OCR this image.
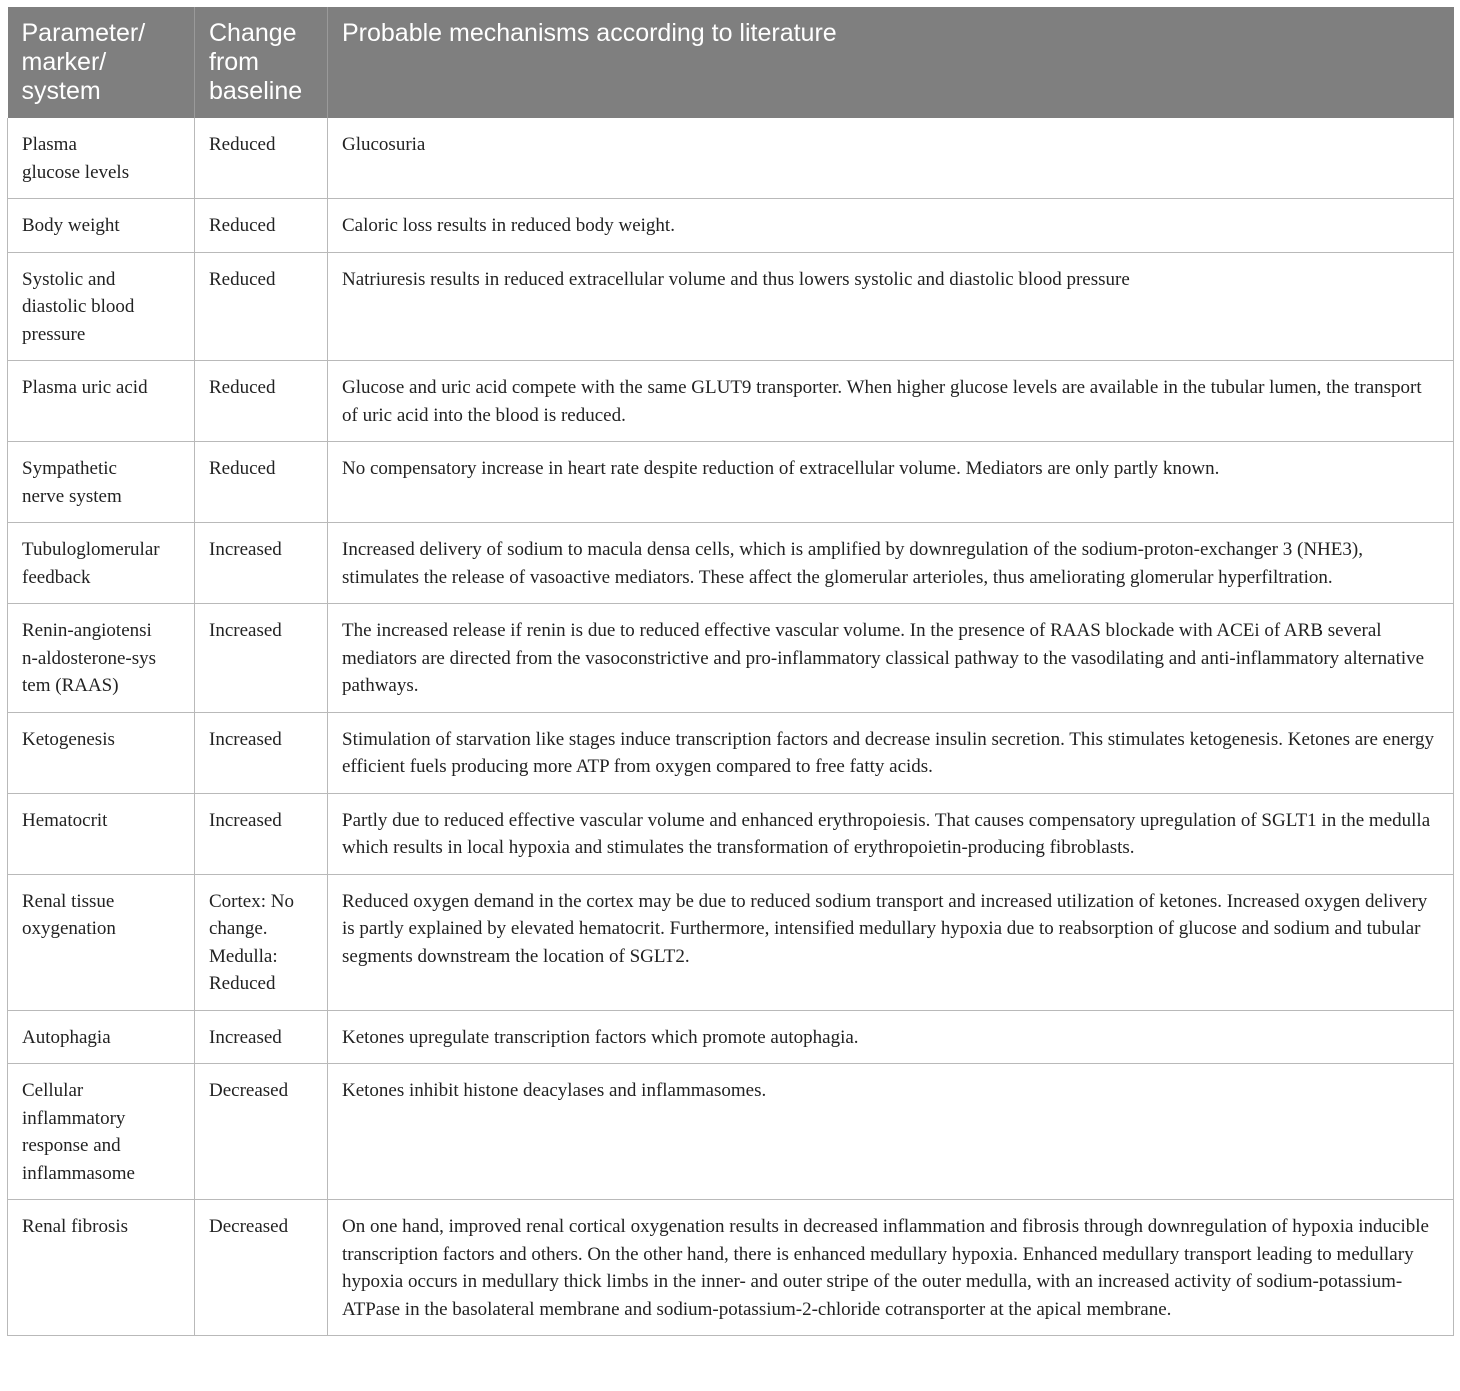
Parameter/ marker/ system	Change from baseline	Probable mechanisms according to literature
Plasma glucose levels	Reduced	Glucosuria
Body weight	Reduced	Caloric loss results in reduced body weight.
Systolic and diastolic blood pressure	Reduced	Natriuresis results in reduced extracellular volume and thus lowers systolic and diastolic blood pressure
Plasma uric acid	Reduced	Glucose and uric acid compete with the same GLUT9 transporter. When higher glucose levels are available in the tubular lumen, the transport of uric acid into the blood is reduced.
Sympathetic nerve system	Reduced	No compensatory increase in heart rate despite reduction of extracellular volume. Mediators are only partly known.
Tubuloglomerular feedback	Increased	Increased delivery of sodium to macula densa cells, which is amplified by downregulation of the sodium-proton-exchanger 3 (NHE3), stimulates the release of vasoactive mediators. These affect the glomerular arterioles, thus ameliorating glomerular hyperfiltration.
Renin-angiotensin-aldosterone-system (RAAS)	Increased	The increased release if renin is due to reduced effective vascular volume. In the presence of RAAS blockade with ACEi of ARB several mediators are directed from the vasoconstrictive and pro-inflammatory classical pathway to the vasodilating and anti-inflammatory alternative pathways.
Ketogenesis	Increased	Stimulation of starvation like stages induce transcription factors and decrease insulin secretion. This stimulates ketogenesis. Ketones are energy efficient fuels producing more ATP from oxygen compared to free fatty acids.
Hematocrit	Increased	Partly due to reduced effective vascular volume and enhanced erythropoiesis. That causes compensatory upregulation of SGLT1 in the medulla which results in local hypoxia and stimulates the transformation of erythropoietin-producing fibroblasts.
Renal tissue oxygenation	Cortex: No change. Medulla: Reduced	Reduced oxygen demand in the cortex may be due to reduced sodium transport and increased utilization of ketones. Increased oxygen delivery is partly explained by elevated hematocrit. Furthermore, intensified medullary hypoxia due to reabsorption of glucose and sodium and tubular segments downstream the location of SGLT2.
Autophagia	Increased	Ketones upregulate transcription factors which promote autophagia.
Cellular inflammatory response and inflammasome	Decreased	Ketones inhibit histone deacylases and inflammasomes.
Renal fibrosis	Decreased	On one hand, improved renal cortical oxygenation results in decreased inflammation and fibrosis through downregulation of hypoxia inducible transcription factors and others. On the other hand, there is enhanced medullary hypoxia. Enhanced medullary transport leading to medullary hypoxia occurs in medullary thick limbs in the inner- and outer stripe of the outer medulla, with an increased activity of sodium-potassium-ATPase in the basolateral membrane and sodium-potassium-2-chloride cotransporter at the apical membrane.
